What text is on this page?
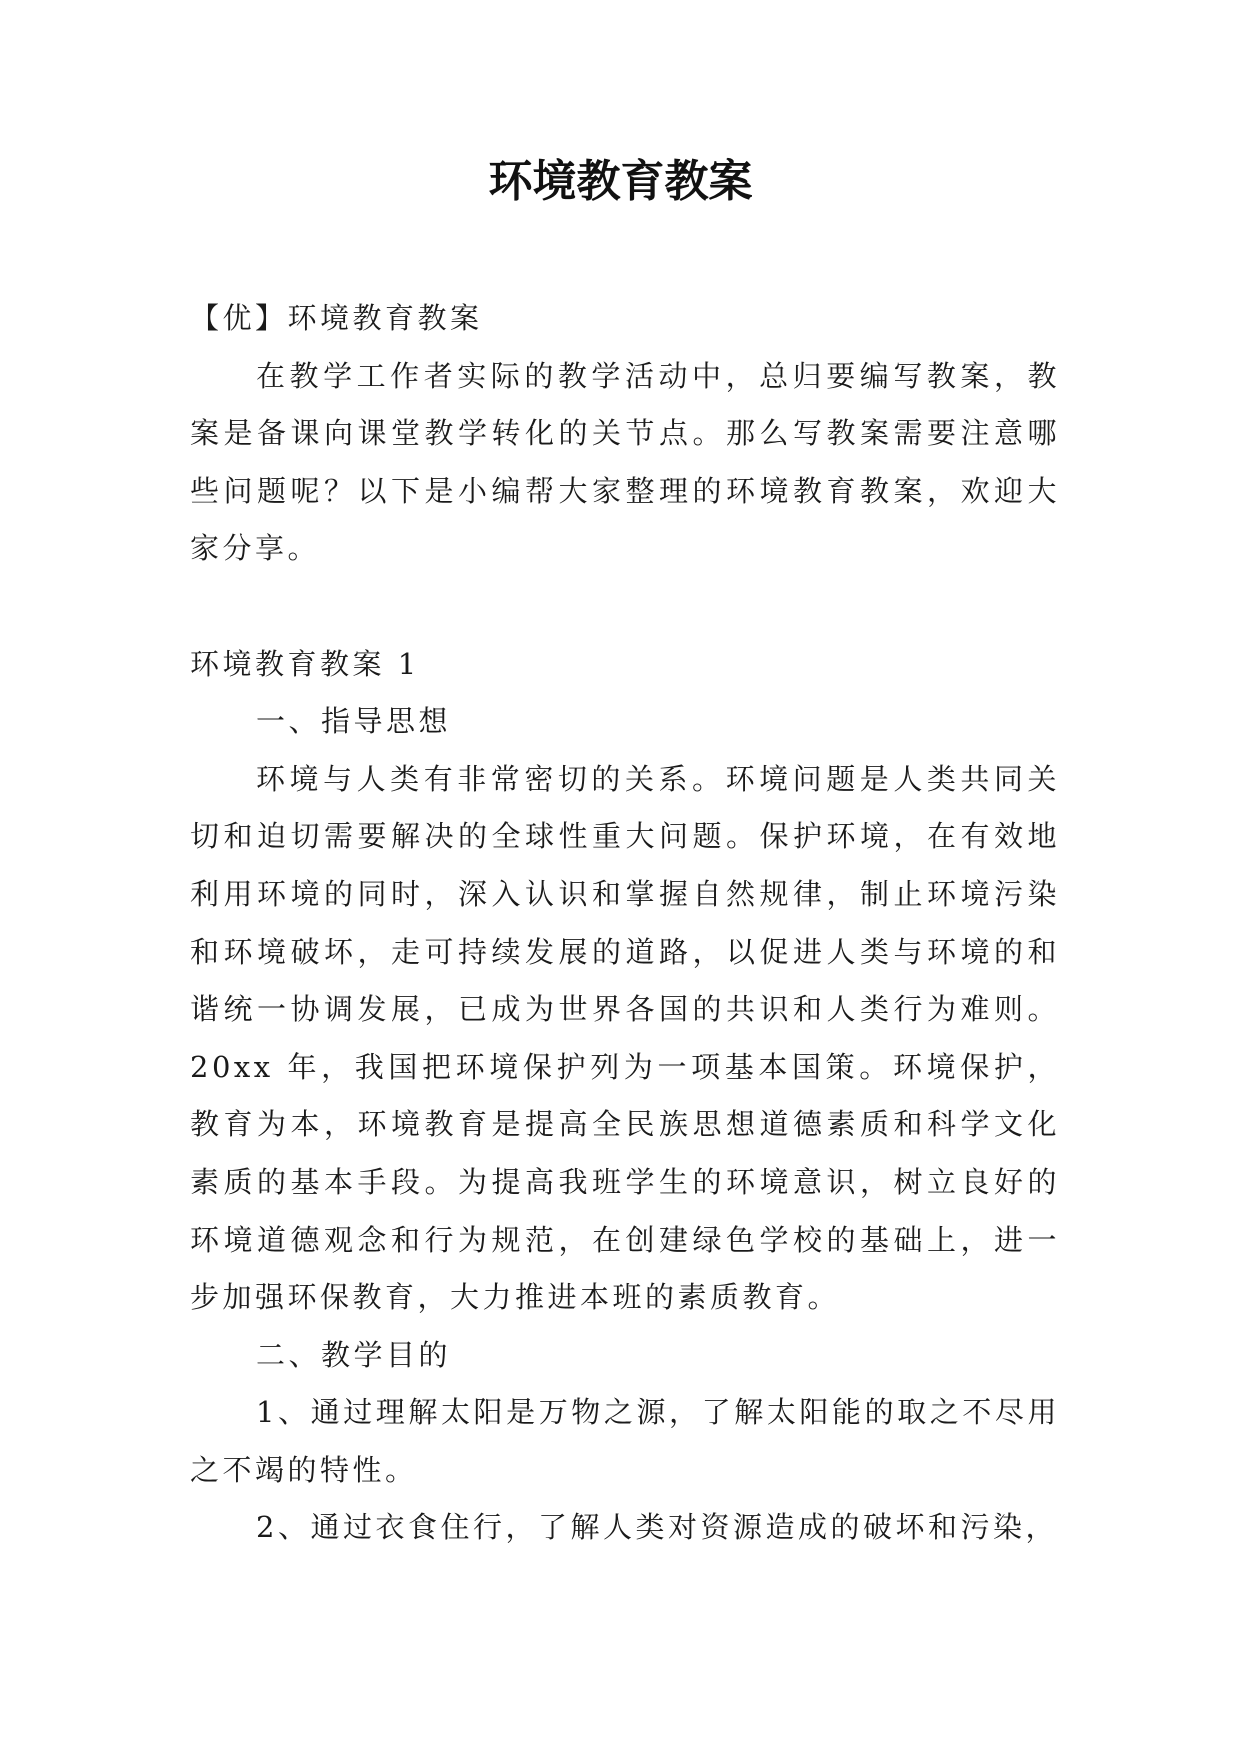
环境教育教案

【优】环境教育教案

在教学工作者实际的教学活动中，总归要编写教案，教案是备课向课堂教学转化的关节点。那么写教案需要注意哪些问题呢？以下是小编帮大家整理的环境教育教案，欢迎大家分享。

环境教育教案 1

一、指导思想

环境与人类有非常密切的关系。环境问题是人类共同关切和迫切需要解决的全球性重大问题。保护环境，在有效地利用环境的同时，深入认识和掌握自然规律，制止环境污染和环境破坏，走可持续发展的道路，以促进人类与环境的和谐统一协调发展，已成为世界各国的共识和人类行为难则。20xx 年，我国把环境保护列为一项基本国策。环境保护，教育为本，环境教育是提高全民族思想道德素质和科学文化素质的基本手段。为提高我班学生的环境意识，树立良好的环境道德观念和行为规范，在创建绿色学校的基础上，进一步加强环保教育，大力推进本班的素质教育。

二、教学目的

1、通过理解太阳是万物之源，了解太阳能的取之不尽用之不竭的特性。

2、通过衣食住行，了解人类对资源造成的破坏和污染，
